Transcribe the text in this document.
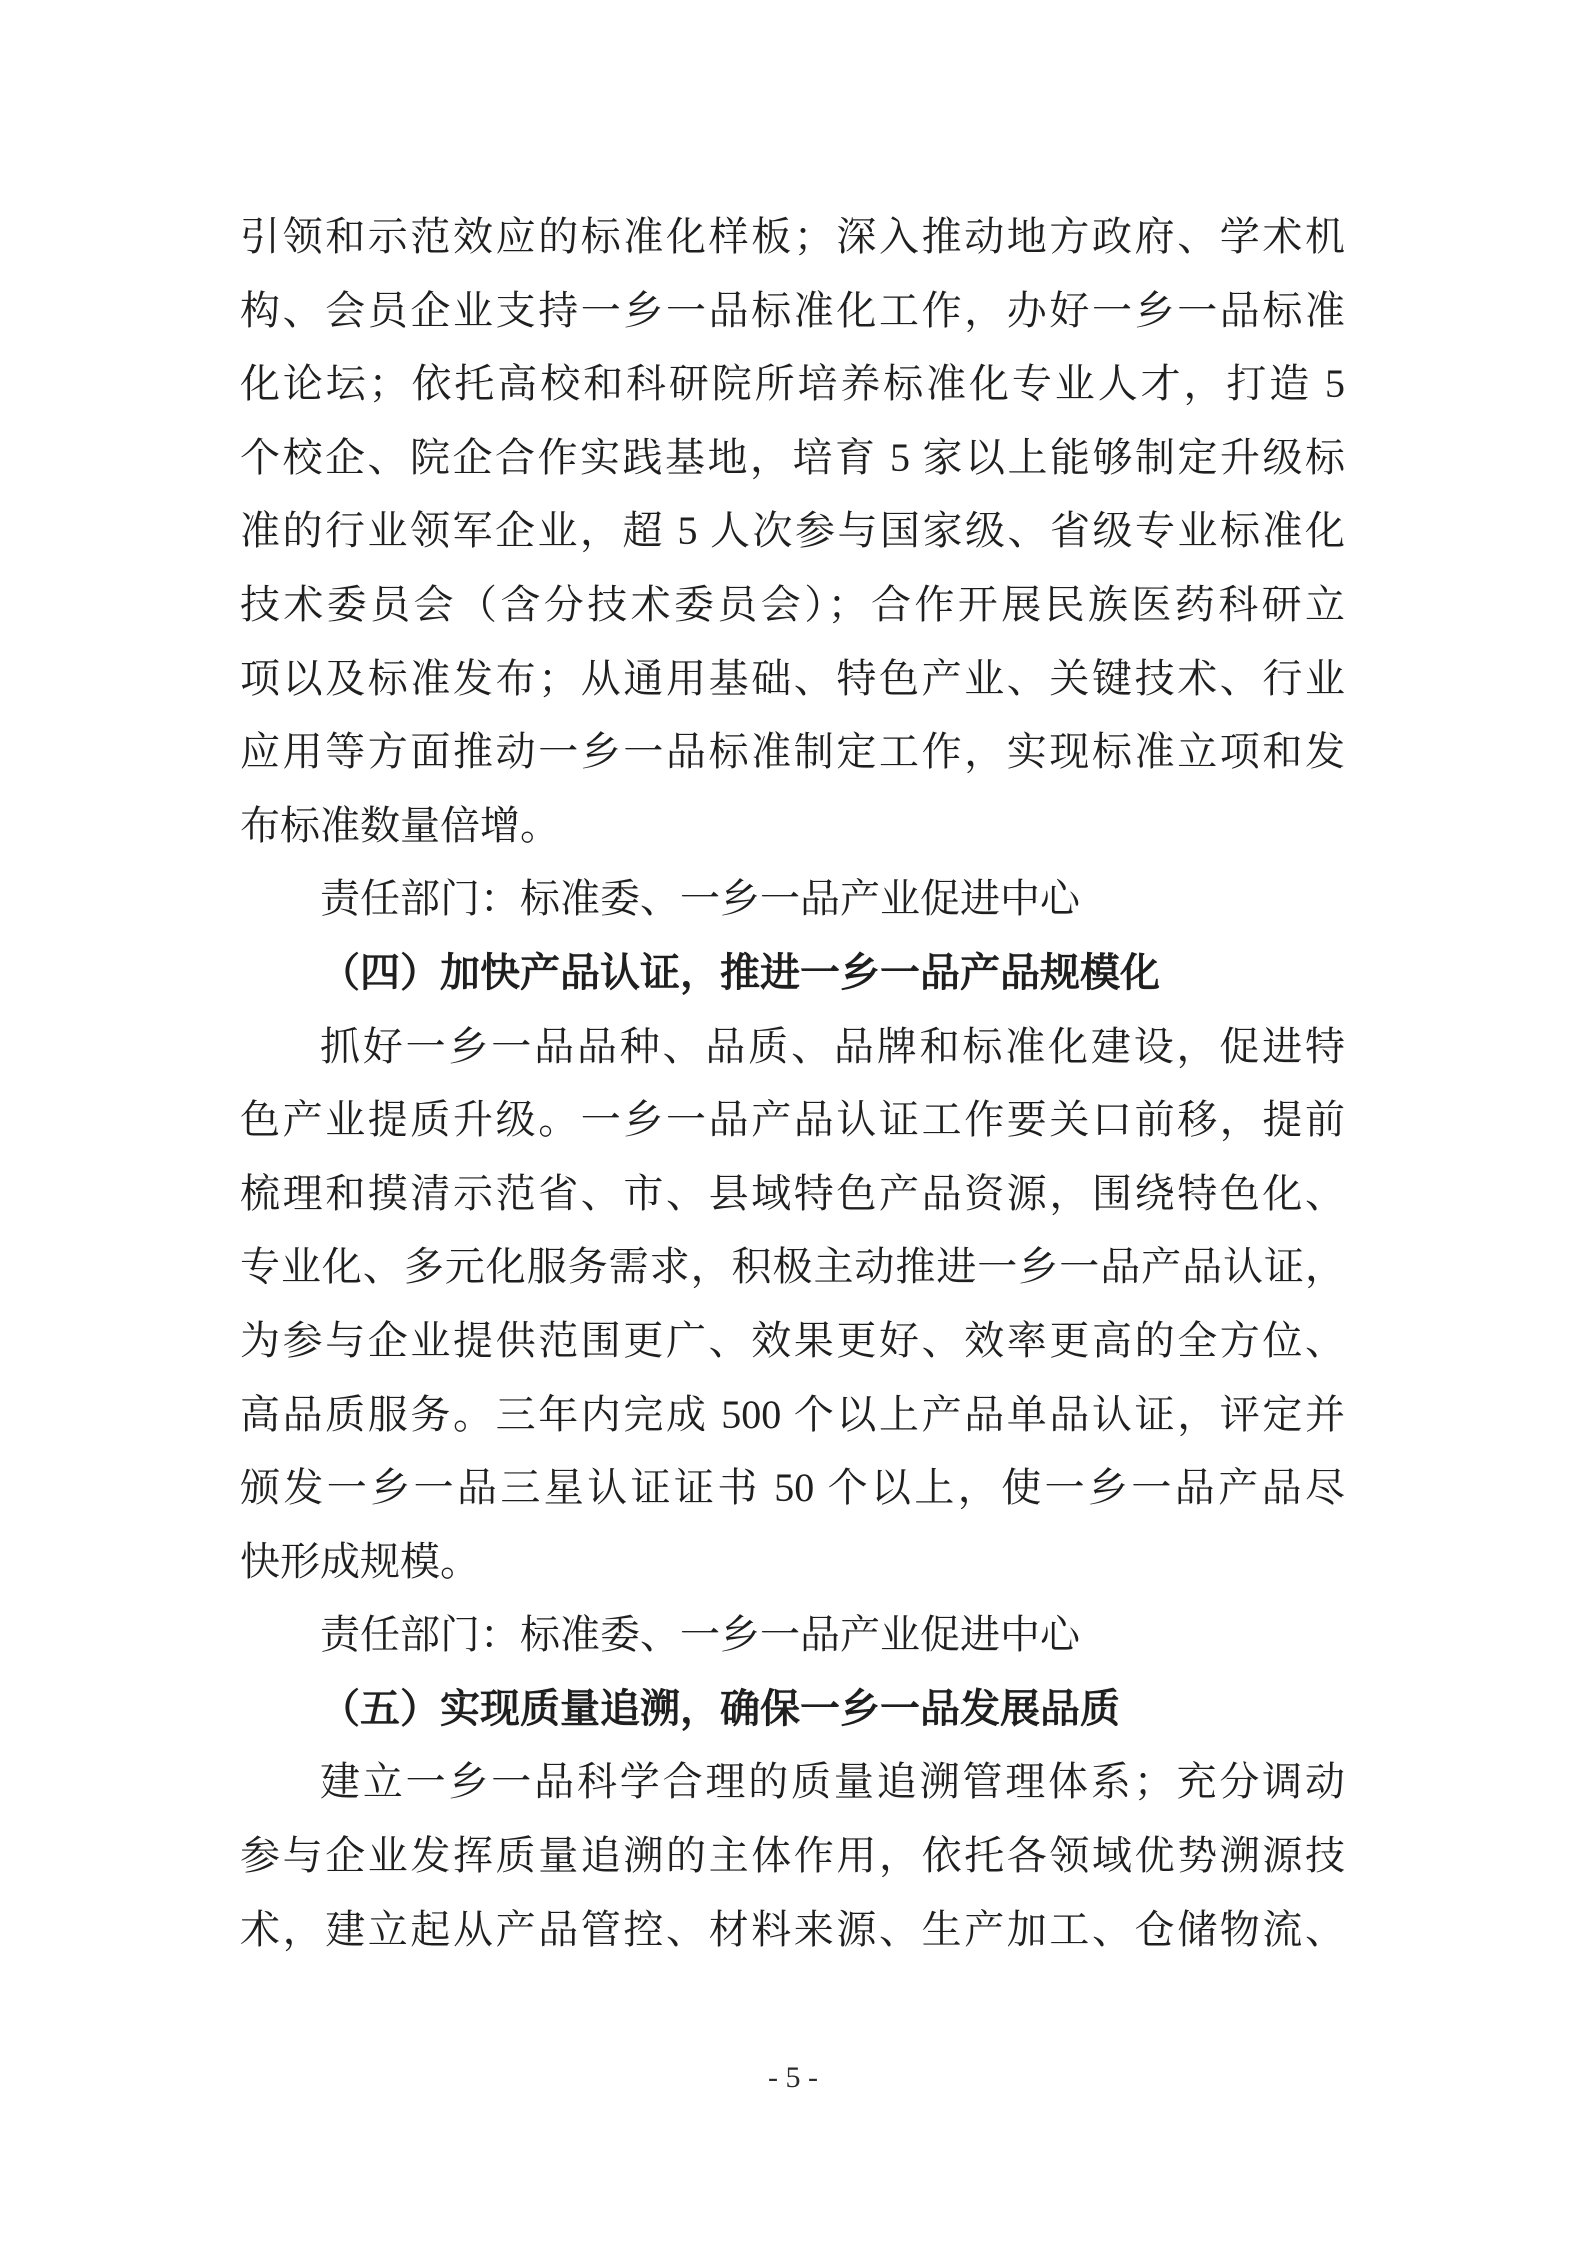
引领和示范效应的标准化样板；深入推动地方政府、学术机
构、会员企业支持一乡一品标准化工作，办好一乡一品标准
化论坛；依托高校和科研院所培养标准化专业人才，打造 5
个校企、院企合作实践基地，培育 5 家以上能够制定升级标
准的行业领军企业，超 5 人次参与国家级、省级专业标准化
技术委员会（含分技术委员会）；合作开展民族医药科研立
项以及标准发布；从通用基础、特色产业、关键技术、行业
应用等方面推动一乡一品标准制定工作，实现标准立项和发
布标准数量倍增。
责任部门：标准委、一乡一品产业促进中心
（四）加快产品认证，推进一乡一品产品规模化
抓好一乡一品品种、品质、品牌和标准化建设，促进特
色产业提质升级。一乡一品产品认证工作要关口前移，提前
梳理和摸清示范省、市、县域特色产品资源，围绕特色化、
专业化、多元化服务需求，积极主动推进一乡一品产品认证，
为参与企业提供范围更广、效果更好、效率更高的全方位、
高品质服务。三年内完成 500 个以上产品单品认证，评定并
颁发一乡一品三星认证证书 50 个以上，使一乡一品产品尽
快形成规模。
责任部门：标准委、一乡一品产业促进中心
（五）实现质量追溯，确保一乡一品发展品质
建立一乡一品科学合理的质量追溯管理体系；充分调动
参与企业发挥质量追溯的主体作用，依托各领域优势溯源技
术，建立起从产品管控、材料来源、生产加工、仓储物流、
- 5 -
